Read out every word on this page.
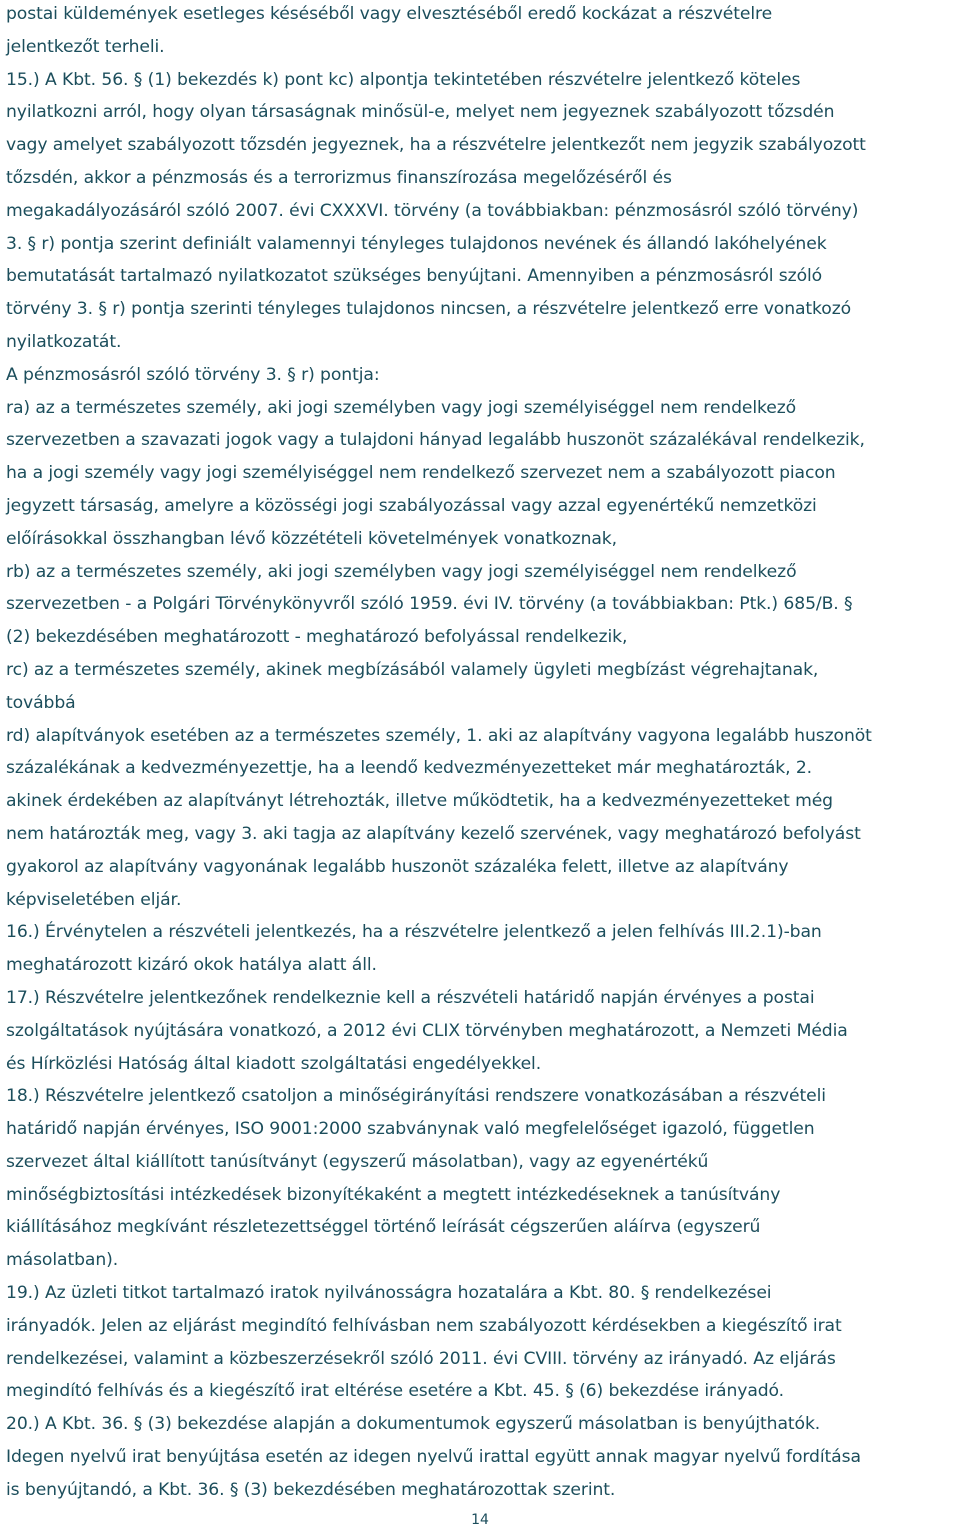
postai küldemények esetleges késéséből vagy elvesztéséből eredő kockázat a részvételre
jelentkezőt terheli.
15.) A Kbt. 56. § (1) bekezdés k) pont kc) alpontja tekintetében részvételre jelentkező köteles
nyilatkozni arról, hogy olyan társaságnak minősül-e, melyet nem jegyeznek szabályozott tőzsdén
vagy amelyet szabályozott tőzsdén jegyeznek, ha a részvételre jelentkezőt nem jegyzik szabályozott
tőzsdén, akkor a pénzmosás és a terrorizmus finanszírozása megelőzéséről és
megakadályozásáról szóló 2007. évi CXXXVI. törvény (a továbbiakban: pénzmosásról szóló törvény)
3. § r) pontja szerint definiált valamennyi tényleges tulajdonos nevének és állandó lakóhelyének
bemutatását tartalmazó nyilatkozatot szükséges benyújtani. Amennyiben a pénzmosásról szóló
törvény 3. § r) pontja szerinti tényleges tulajdonos nincsen, a részvételre jelentkező erre vonatkozó
nyilatkozatát.
A pénzmosásról szóló törvény 3. § r) pontja:
ra) az a természetes személy, aki jogi személyben vagy jogi személyiséggel nem rendelkező
szervezetben a szavazati jogok vagy a tulajdoni hányad legalább huszonöt százalékával rendelkezik,
ha a jogi személy vagy jogi személyiséggel nem rendelkező szervezet nem a szabályozott piacon
jegyzett társaság, amelyre a közösségi jogi szabályozással vagy azzal egyenértékű nemzetközi
előírásokkal összhangban lévő közzétételi követelmények vonatkoznak,
rb) az a természetes személy, aki jogi személyben vagy jogi személyiséggel nem rendelkező
szervezetben - a Polgári Törvénykönyvről szóló 1959. évi IV. törvény (a továbbiakban: Ptk.) 685/B. §
(2) bekezdésében meghatározott - meghatározó befolyással rendelkezik,
rc) az a természetes személy, akinek megbízásából valamely ügyleti megbízást végrehajtanak,
továbbá
rd) alapítványok esetében az a természetes személy, 1. aki az alapítvány vagyona legalább huszonöt
százalékának a kedvezményezettje, ha a leendő kedvezményezetteket már meghatározták, 2.
akinek érdekében az alapítványt létrehozták, illetve működtetik, ha a kedvezményezetteket még
nem határozták meg, vagy 3. aki tagja az alapítvány kezelő szervének, vagy meghatározó befolyást
gyakorol az alapítvány vagyonának legalább huszonöt százaléka felett, illetve az alapítvány
képviseletében eljár.
16.) Érvénytelen a részvételi jelentkezés, ha a részvételre jelentkező a jelen felhívás III.2.1)-ban
meghatározott kizáró okok hatálya alatt áll.
17.) Részvételre jelentkezőnek rendelkeznie kell a részvételi határidő napján érvényes a postai
szolgáltatások nyújtására vonatkozó, a 2012 évi CLIX törvényben meghatározott, a Nemzeti Média
és Hírközlési Hatóság által kiadott szolgáltatási engedélyekkel.
18.) Részvételre jelentkező csatoljon a minőségirányítási rendszere vonatkozásában a részvételi
határidő napján érvényes, ISO 9001:2000 szabványnak való megfelelőséget igazoló, független
szervezet által kiállított tanúsítványt (egyszerű másolatban), vagy az egyenértékű
minőségbiztosítási intézkedések bizonyítékaként a megtett intézkedéseknek a tanúsítvány
kiállításához megkívánt részletezettséggel történő leírását cégszerűen aláírva (egyszerű
másolatban).
19.) Az üzleti titkot tartalmazó iratok nyilvánosságra hozatalára a Kbt. 80. § rendelkezései
irányadók. Jelen az eljárást megindító felhívásban nem szabályozott kérdésekben a kiegészítő irat
rendelkezései, valamint a közbeszerzésekről szóló 2011. évi CVIII. törvény az irányadó. Az eljárás
megindító felhívás és a kiegészítő irat eltérése esetére a Kbt. 45. § (6) bekezdése irányadó.
20.) A Kbt. 36. § (3) bekezdése alapján a dokumentumok egyszerű másolatban is benyújthatók.
Idegen nyelvű irat benyújtása esetén az idegen nyelvű irattal együtt annak magyar nyelvű fordítása
is benyújtandó, a Kbt. 36. § (3) bekezdésében meghatározottak szerint.
14
